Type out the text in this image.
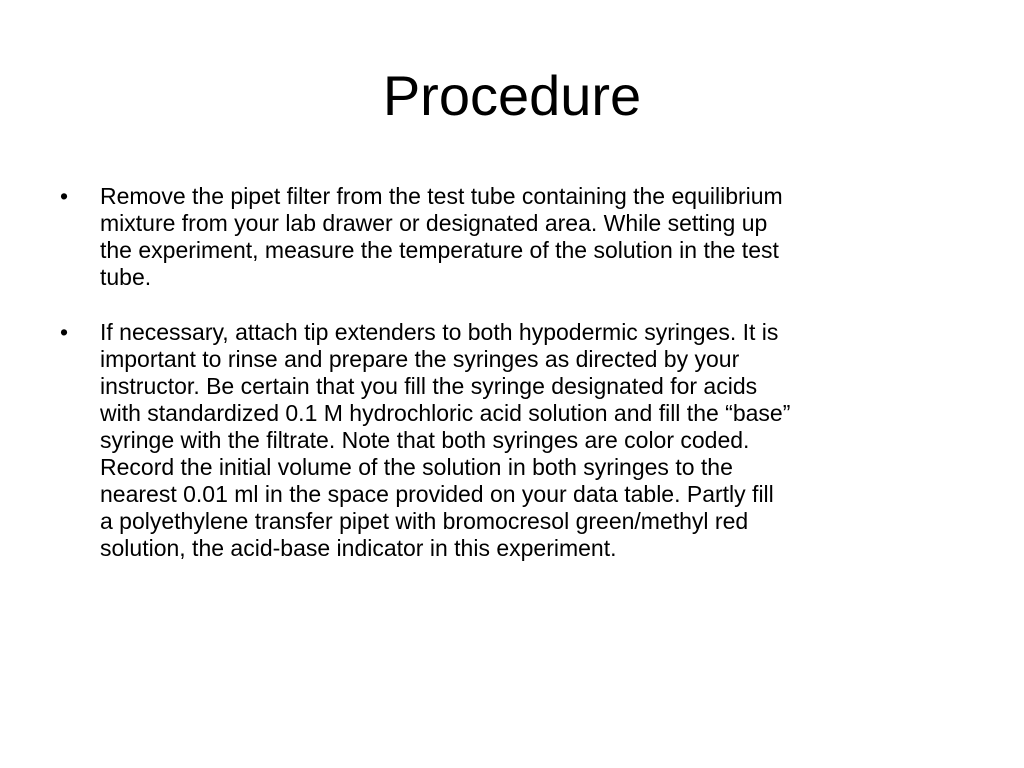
Procedure
•	Remove the pipet filter from the test tube containing the equilibrium
mixture from your lab drawer or designated area. While setting up
the experiment, measure the temperature of the solution in the test
tube.
•	If necessary, attach tip extenders to both hypodermic syringes. It is
important to rinse and prepare the syringes as directed by your
instructor. Be certain that you fill the syringe designated for acids
with standardized 0.1 M hydrochloric acid solution and fill the “base”
syringe with the filtrate. Note that both syringes are color coded.
Record the initial volume of the solution in both syringes to the
nearest 0.01 ml in the space provided on your data table. Partly fill
a polyethylene transfer pipet with bromocresol green/methyl red
solution, the acid-base indicator in this experiment.
